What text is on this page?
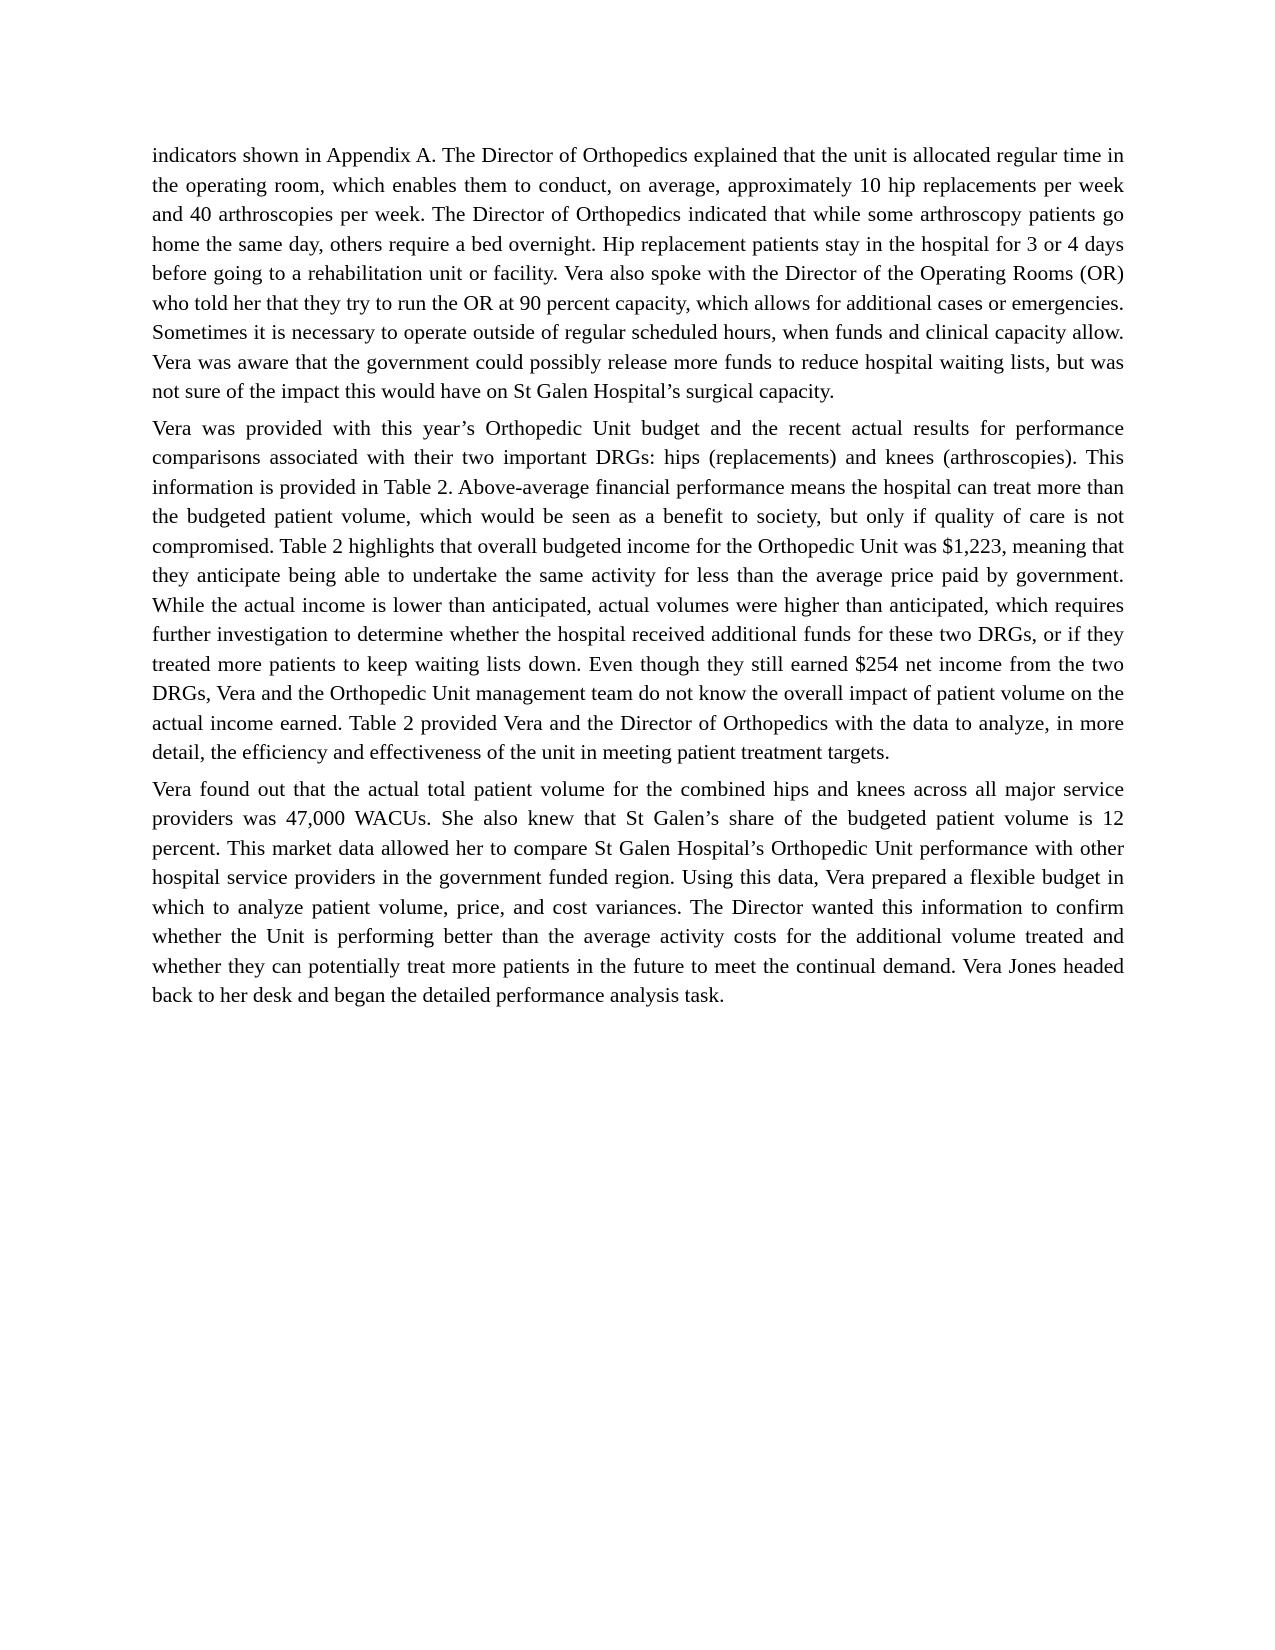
indicators shown in Appendix A. The Director of Orthopedics explained that the unit is allocated regular time in the operating room, which enables them to conduct, on average, approximately 10 hip replacements per week and 40 arthroscopies per week. The Director of Orthopedics indicated that while some arthroscopy patients go home the same day, others require a bed overnight. Hip replacement patients stay in the hospital for 3 or 4 days before going to a rehabilitation unit or facility. Vera also spoke with the Director of the Operating Rooms (OR) who told her that they try to run the OR at 90 percent capacity, which allows for additional cases or emergencies. Sometimes it is necessary to operate outside of regular scheduled hours, when funds and clinical capacity allow. Vera was aware that the government could possibly release more funds to reduce hospital waiting lists, but was not sure of the impact this would have on St Galen Hospital’s surgical capacity.

Vera was provided with this year’s Orthopedic Unit budget and the recent actual results for performance comparisons associated with their two important DRGs: hips (replacements) and knees (arthroscopies). This information is provided in Table 2. Above-average financial performance means the hospital can treat more than the budgeted patient volume, which would be seen as a benefit to society, but only if quality of care is not compromised. Table 2 highlights that overall budgeted income for the Orthopedic Unit was $1,223, meaning that they anticipate being able to undertake the same activity for less than the average price paid by government. While the actual income is lower than anticipated, actual volumes were higher than anticipated, which requires further investigation to determine whether the hospital received additional funds for these two DRGs, or if they treated more patients to keep waiting lists down. Even though they still earned $254 net income from the two DRGs, Vera and the Orthopedic Unit management team do not know the overall impact of patient volume on the actual income earned. Table 2 provided Vera and the Director of Orthopedics with the data to analyze, in more detail, the efficiency and effectiveness of the unit in meeting patient treatment targets.

Vera found out that the actual total patient volume for the combined hips and knees across all major service providers was 47,000 WACUs. She also knew that St Galen’s share of the budgeted patient volume is 12 percent. This market data allowed her to compare St Galen Hospital’s Orthopedic Unit performance with other hospital service providers in the government funded region. Using this data, Vera prepared a flexible budget in which to analyze patient volume, price, and cost variances. The Director wanted this information to confirm whether the Unit is performing better than the average activity costs for the additional volume treated and whether they can potentially treat more patients in the future to meet the continual demand. Vera Jones headed back to her desk and began the detailed performance analysis task.
